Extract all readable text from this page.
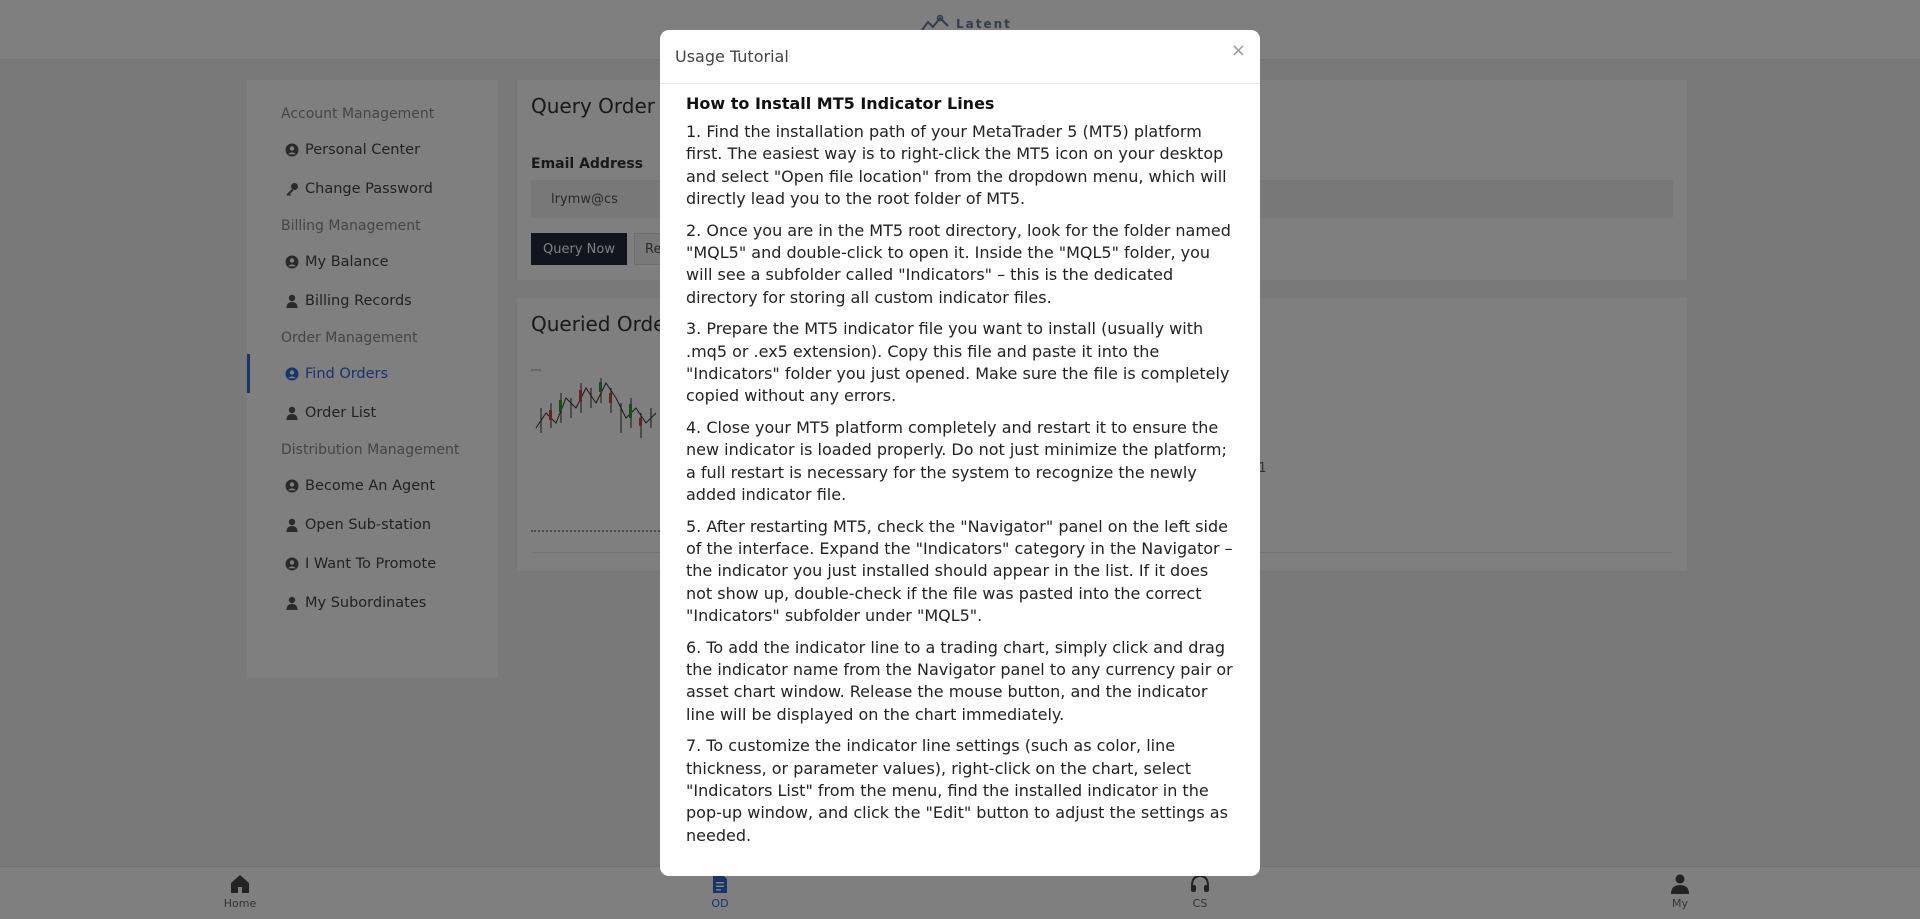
lrymw@cs
Usage Tutorial	×
How to Install MT5 Indicator Lines

1. Find the installation path of your MetaTrader 5 (MT5) platform first. The easiest way is to right-click the MT5 icon on your desktop and select "Open file location" from the dropdown menu, which will directly lead you to the root folder of MT5.

2. Once you are in the MT5 root directory, look for the folder named "MQL5" and double-click to open it. Inside the "MQL5" folder, you will see a subfolder called "Indicators" – this is the dedicated directory for storing all custom indicator files.

3. Prepare the MT5 indicator file you want to install (usually with .mq5 or .ex5 extension). Copy this file and paste it into the "Indicators" folder you just opened. Make sure the file is completely copied without any errors.

4. Close your MT5 platform completely and restart it to ensure the new indicator is loaded properly. Do not just minimize the platform; a full restart is necessary for the system to recognize the newly added indicator file.

5. After restarting MT5, check the "Navigator" panel on the left side of the interface. Expand the "Indicators" category in the Navigator – the indicator you just installed should appear in the list. If it does not show up, double-check if the file was pasted into the correct "Indicators" subfolder under "MQL5".

6. To add the indicator line to a trading chart, simply click and drag the indicator name from the Navigator panel to any currency pair or asset chart window. Release the mouse button, and the indicator line will be displayed on the chart immediately.

7. To customize the indicator line settings (such as color, line thickness, or parameter values), right-click on the chart, select "Indicators List" from the menu, find the installed indicator in the pop-up window, and click the "Edit" button to adjust the settings as needed.
